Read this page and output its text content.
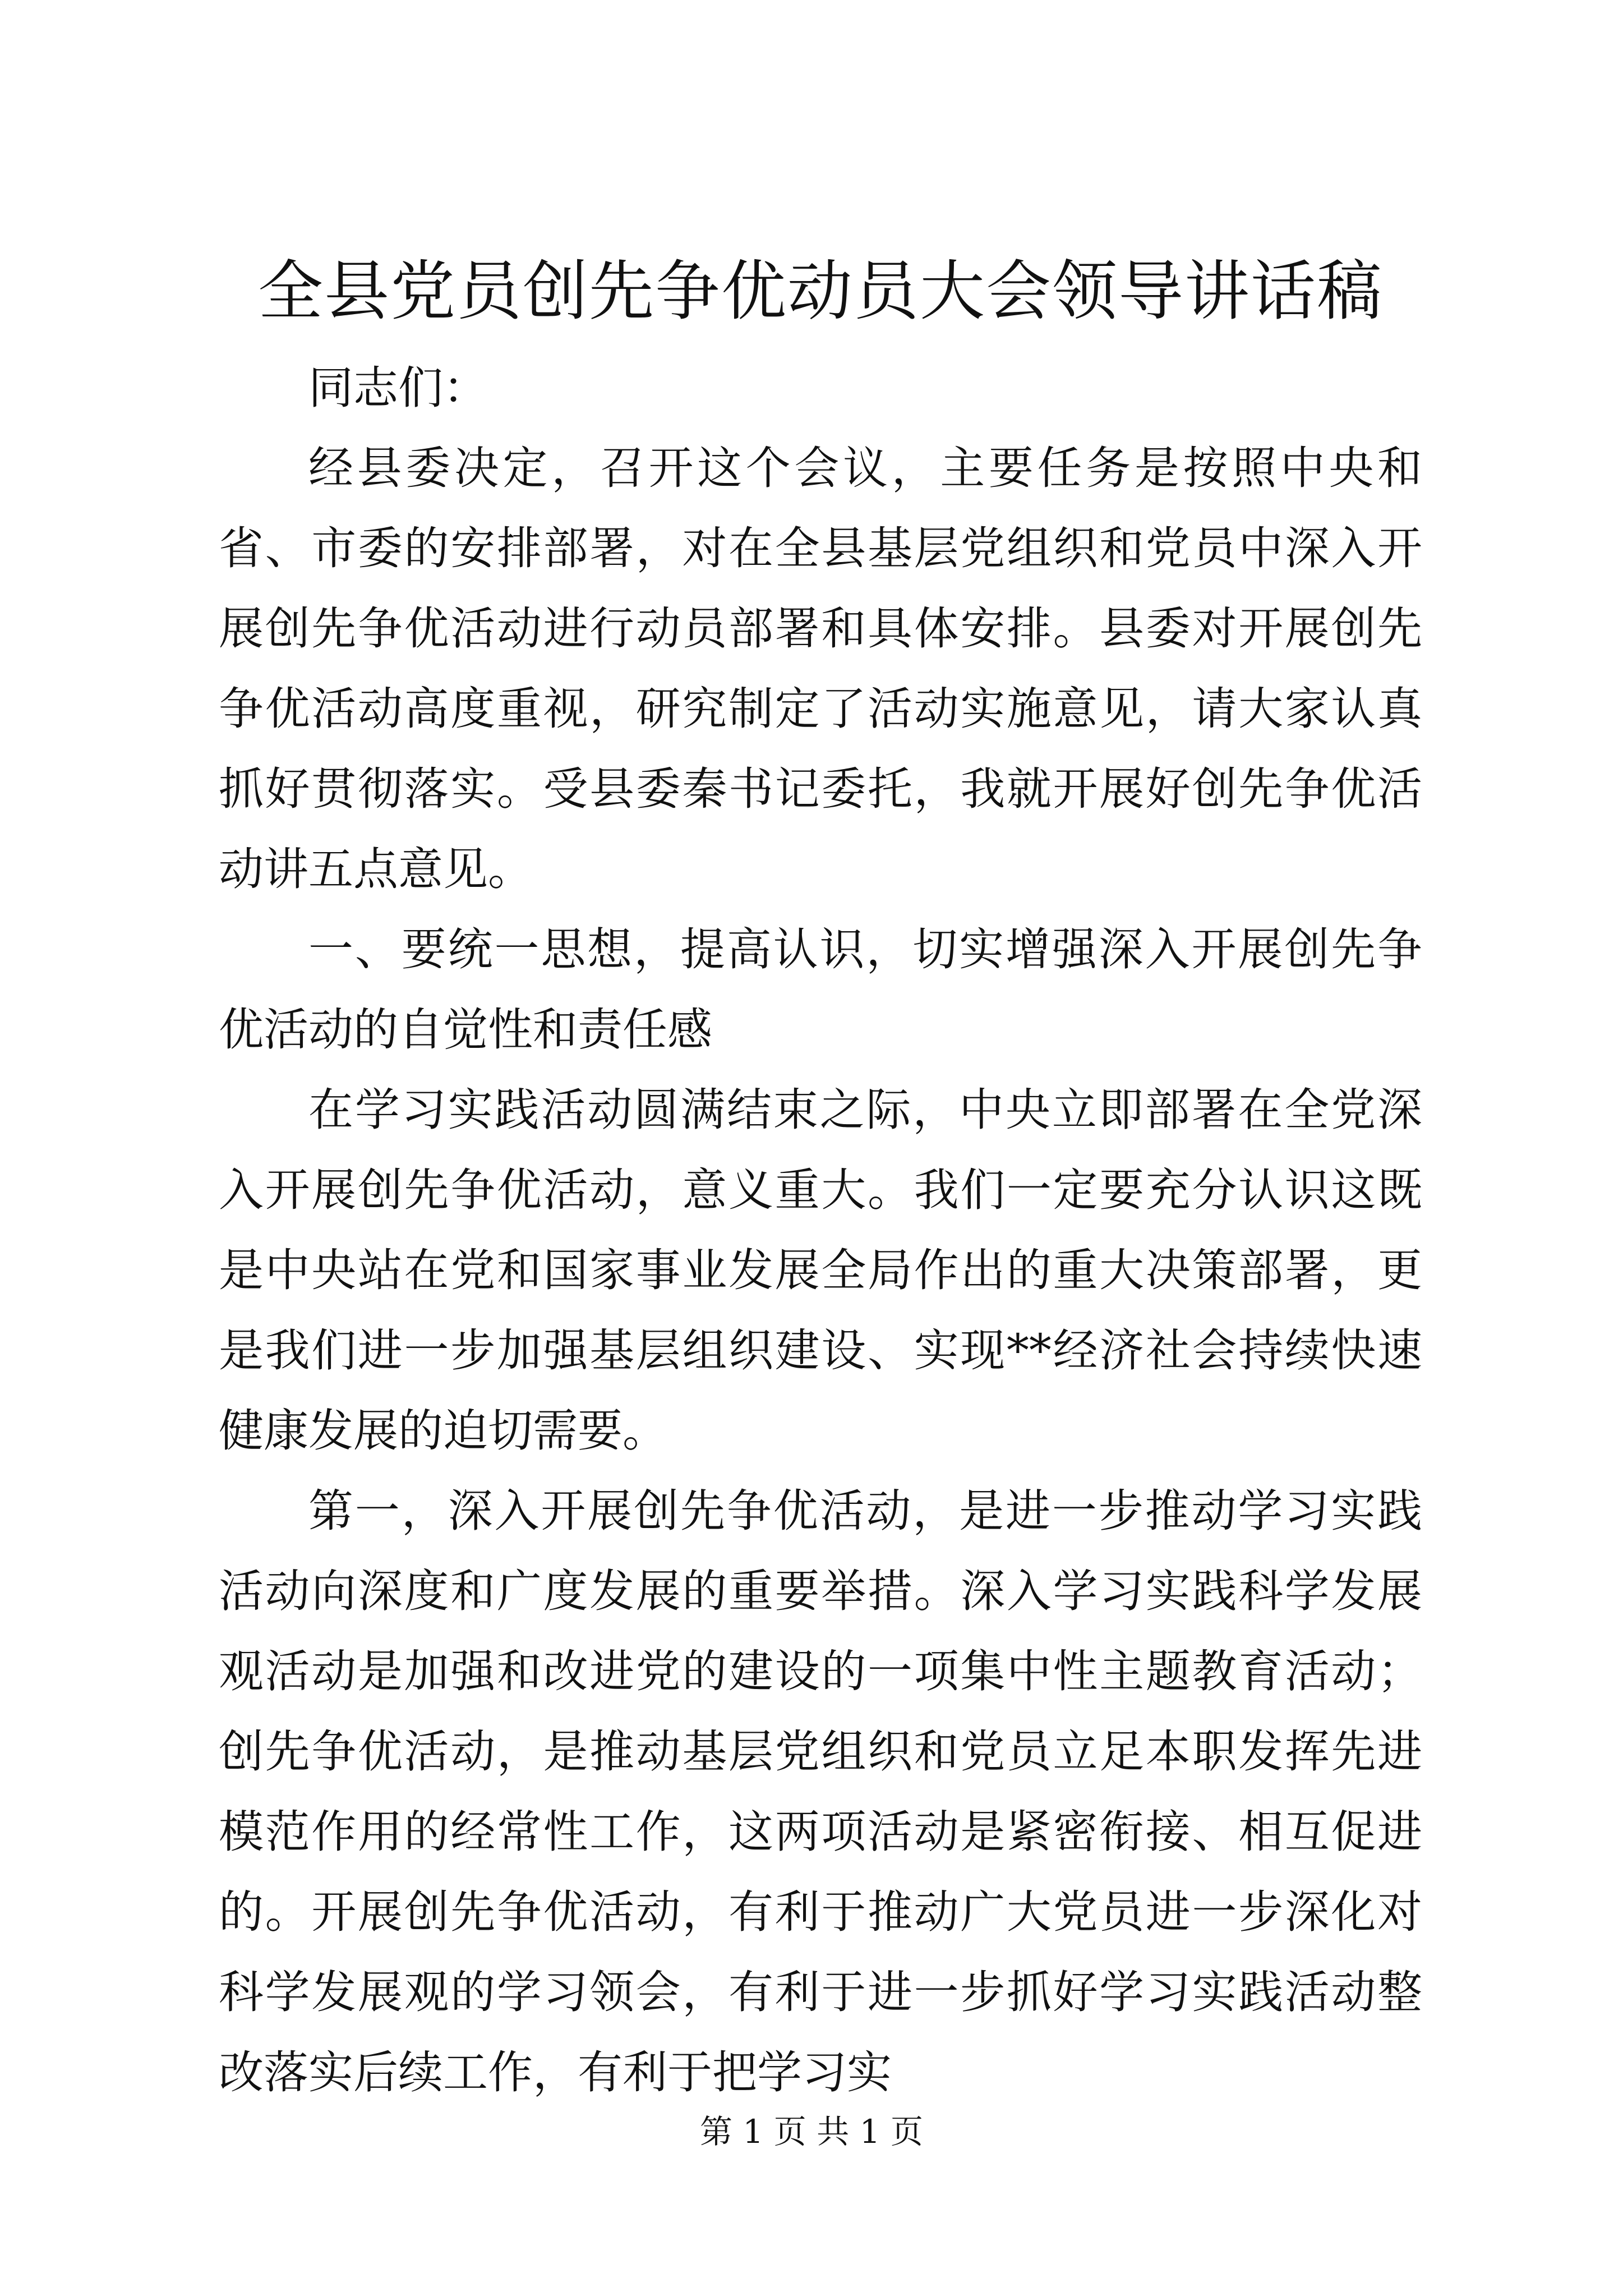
全县党员创先争优动员大会领导讲话稿

同志们：

经县委决定，召开这个会议，主要任务是按照中央和省、市委的安排部署，对在全县基层党组织和党员中深入开展创先争优活动进行动员部署和具体安排。县委对开展创先争优活动高度重视，研究制定了活动实施意见，请大家认真抓好贯彻落实。受县委秦书记委托，我就开展好创先争优活动讲五点意见。

一、要统一思想，提高认识，切实增强深入开展创先争优活动的自觉性和责任感

在学习实践活动圆满结束之际，中央立即部署在全党深入开展创先争优活动，意义重大。我们一定要充分认识这既是中央站在党和国家事业发展全局作出的重大决策部署，更是我们进一步加强基层组织建设、实现**经济社会持续快速健康发展的迫切需要。

第一，深入开展创先争优活动，是进一步推动学习实践活动向深度和广度发展的重要举措。深入学习实践科学发展观活动是加强和改进党的建设的一项集中性主题教育活动；创先争优活动，是推动基层党组织和党员立足本职发挥先进模范作用的经常性工作，这两项活动是紧密衔接、相互促进的。开展创先争优活动，有利于推动广大党员进一步深化对科学发展观的学习领会，有利于进一步抓好学习实践活动整改落实后续工作，有利于把学习实

第 1 页 共 1 页
